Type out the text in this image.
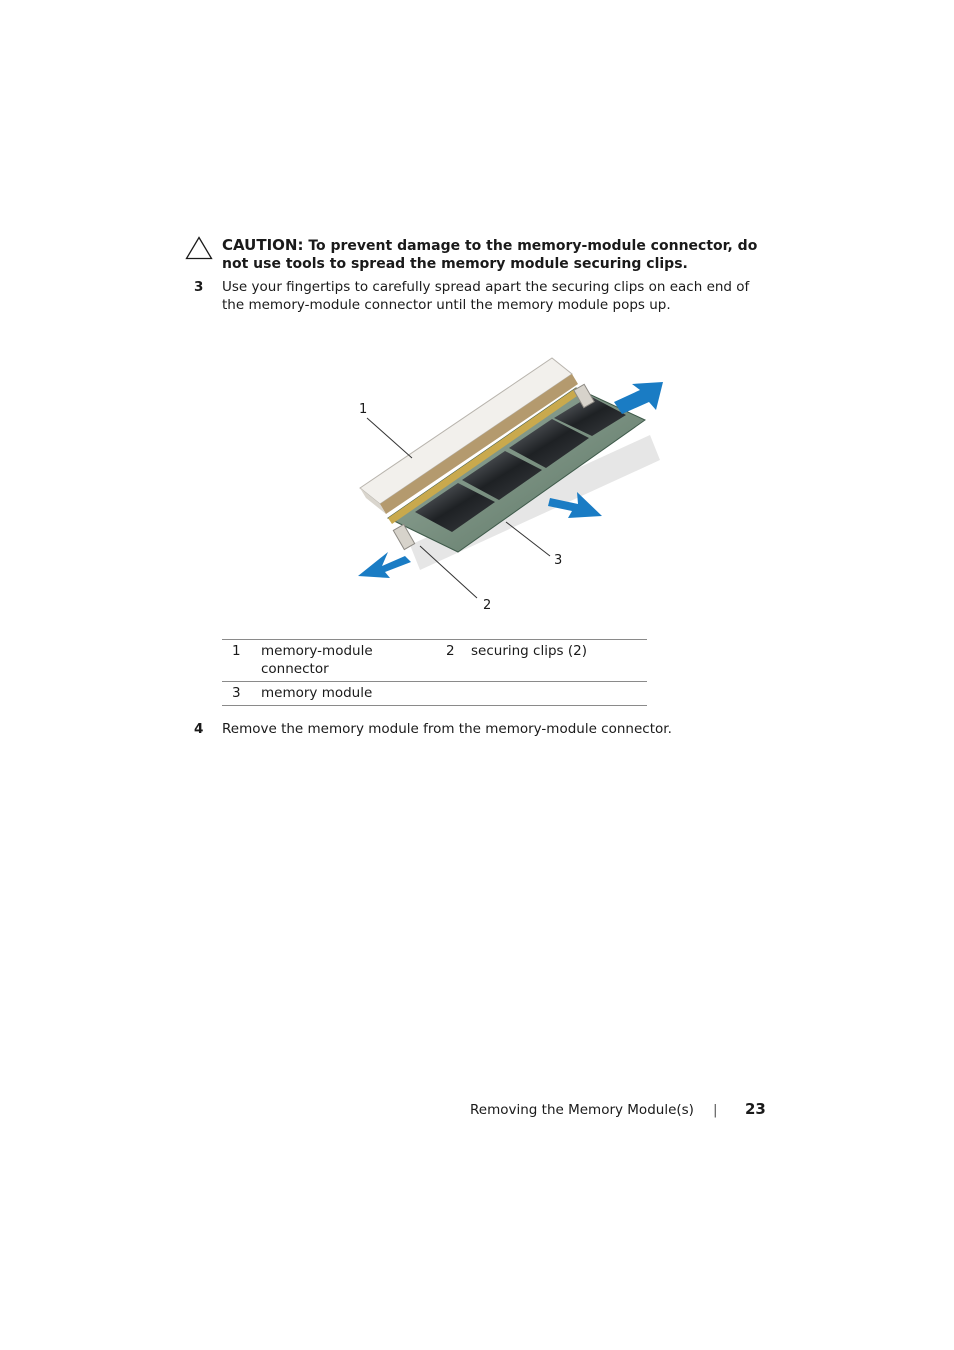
CAUTION: To prevent damage to the memory-module connector, do not use tools to spread the memory module securing clips.
3 Use your fingertips to carefully spread apart the securing clips on each end of the memory-module connector until the memory module pops up.
1
2
3
1 memory-module connector
2 securing clips (2)
3 memory module
4 Remove the memory module from the memory-module connector.
Removing the Memory Module(s) | 23
